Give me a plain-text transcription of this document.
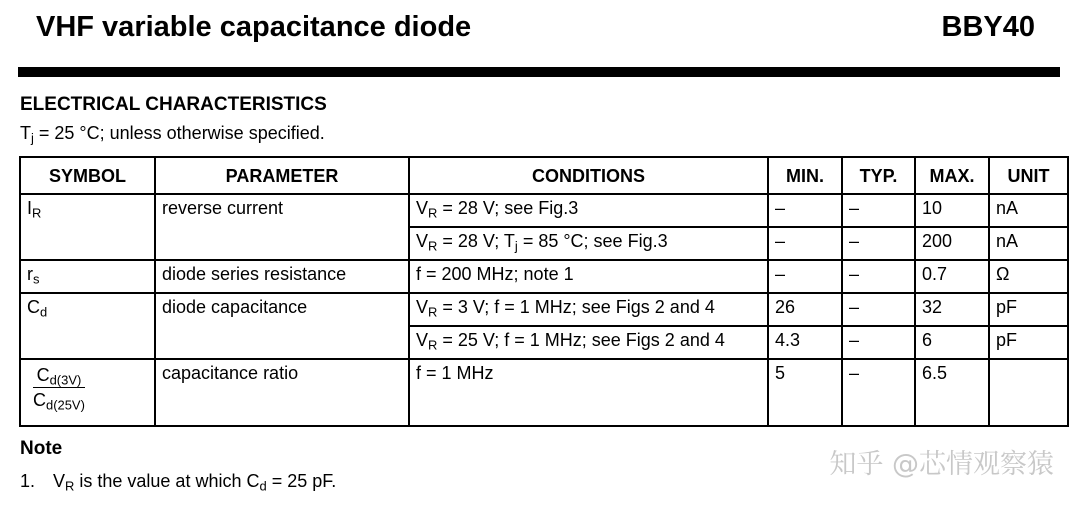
VHF variable capacitance diode	BBY40
ELECTRICAL CHARACTERISTICS
$T_j = 25$ °C; unless otherwise specified.
SYMBOL	PARAMETER	CONDITIONS	MIN.	TYP.	MAX.	UNIT
$I_R$	reverse current	$V_R = 28$ V; see Fig.3	–	–	10	nA
		$V_R = 28$ V; $T_j = 85$ °C; see Fig.3	–	–	200	nA
$r_s$	diode series resistance	f = 200 MHz; note 1	–	–	0.7	Ω
$C_d$	diode capacitance	$V_R = 3$ V; f = 1 MHz; see Figs 2 and 4	26	–	32	pF
		$V_R = 25$ V; f = 1 MHz; see Figs 2 and 4	4.3	–	6	pF

$\frac{C_{d(3V)}}{C_{d(25V)}}$	capacitance ratio	f = 1 MHz	5	–	6.5	
Note
1. $V_R$ is the value at which $C_d = 25$ pF.
知乎 @芯情观察猿
